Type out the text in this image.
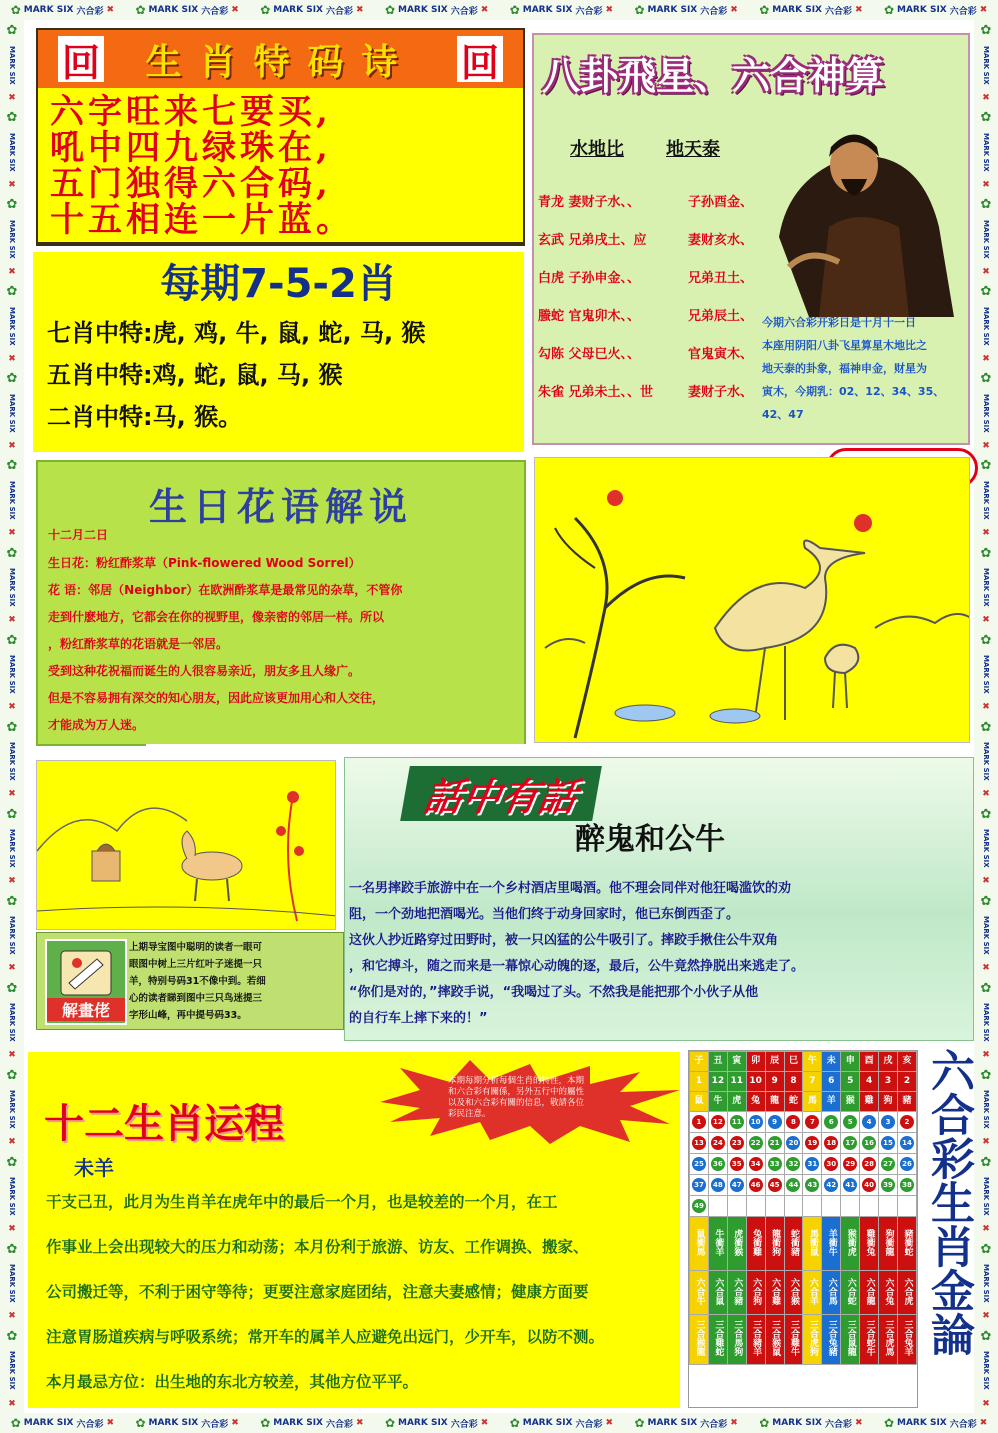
✿ MARK SIX 六合彩 ✖ ✿ MARK SIX 六合彩 ✖ ✿ MARK SIX 六合彩 ✖ ✿ MARK SIX 六合彩 ✖ ✿ MARK SIX 六合彩 ✖ ✿ MARK SIX 六合彩 ✖ ✿ MARK SIX 六合彩 ✖ ✿ MARK SIX 六合彩 ✖
✿ MARK SIX 六合彩 ✖ ✿ MARK SIX 六合彩 ✖ ✿ MARK SIX 六合彩 ✖ ✿ MARK SIX 六合彩 ✖ ✿ MARK SIX 六合彩 ✖ ✿ MARK SIX 六合彩 ✖ ✿ MARK SIX 六合彩 ✖ ✿ MARK SIX 六合彩 ✖
✿
MARK SIX
✖
✿
MARK SIX
✖
✿
MARK SIX
✖
✿
MARK SIX
✖
✿
MARK SIX
✖
✿
MARK SIX
✖
✿
MARK SIX
✖
✿
MARK SIX
✖
✿
MARK SIX
✖
✿
MARK SIX
✖
✿
MARK SIX
✖
✿
MARK SIX
✖
✿
MARK SIX
✖
✿
MARK SIX
✖
✿
MARK SIX
✖
✿
MARK SIX
✖
✿
MARK SIX
✖
✿
MARK SIX
✖
✿
MARK SIX
✖
✿
MARK SIX
✖
✿
MARK SIX
✖
✿
MARK SIX
✖
✿
MARK SIX
✖
✿
MARK SIX
✖
✿
MARK SIX
✖
✿
MARK SIX
✖
✿
MARK SIX
✖
✿
MARK SIX
✖
✿
MARK SIX
✖
✿
MARK SIX
✖
✿
MARK SIX
✖
✿
MARK SIX
✖
回 生肖特码诗 回
六字旺来七要买,
吼中四九绿珠在,
五门独得六合码,
十五相连一片蓝。
每期7-5-2肖
七肖中特:虎, 鸡, 牛, 鼠, 蛇, 马, 猴
五肖中特:鸡, 蛇, 鼠, 马, 猴
二肖中特:马, 猴。
八卦飛星、六合神算
水地比 地天泰
青龙 妻财子水、、	子孙酉金、
玄武 兄弟戌土、应	妻财亥水、
白虎 子孙申金、、	兄弟丑土、
螣蛇 官鬼卯木、、	兄弟辰土、
勾陈 父母巳火、、	官鬼寅木、
朱雀 兄弟未土、、世	妻财子水、
今期六合彩开彩日是十月十一日
本座用阴阳八卦飞星算星木地比之
地天泰的卦象，福神申金，财星为
寅木，今期乳：02、12、34、35、
42、47
生日花语解说
十二月二日
生日花：粉红酢浆草（Pink-flowered Wood Sorrel）
花 语：邻居（Neighbor）在欧洲酢浆草是最常见的杂草，不管你
走到什麽地方，它都会在你的视野里，像亲密的邻居一样。所以
，粉红酢浆草的花语就是一邻居。
受到这种花祝福而诞生的人很容易亲近，朋友多且人缘广。
但是不容易拥有深交的知心朋友，因此应该更加用心和人交往，
才能成为万人迷。
解畫佬
上期导宝图中聪明的读者一眼可
眼图中树上三片红叶子迷提一只
羊，特别号码31不像中到。若细
心的读者睇到图中三只鸟迷提三
字形山峰，再中提号码33。
話中有話
醉鬼和公牛
一名男摔跤手旅游中在一个乡村酒店里喝酒。他不理会同伴对他狂喝滥饮的劝
阻，一个劲地把酒喝光。当他们终于动身回家时，他已东倒西歪了。
这伙人抄近路穿过田野时，被一只凶猛的公牛吸引了。摔跤手揪住公牛双角
，和它搏斗，随之而来是一幕惊心动魄的逐，最后，公牛竟然挣脱出来逃走了。
“你们是对的，”摔跤手说，“我喝过了头。不然我是能把那个小伙子从他
的自行车上摔下来的！”
本期每期分析每個生肖的特性，本期
和六合彩有關係，另外五行中的屬性
以及和六合彩有關的信息，敬請各位
彩民注意。
十二生肖运程
未羊
干支己丑，此月为生肖羊在虎年中的最后一个月，也是较差的一个月，在工
作事业上会出现较大的压力和动荡；本月份利于旅游、访友、工作调换、搬家、
公司搬迁等，不利于困守等待；更要注意家庭团结，注意夫妻感情；健康方面要
注意胃肠道疾病与呼吸系统；常开车的属羊人应避免出远门，少开车，以防不测。
本月最忌方位：出生地的东北方较差，其他方位平平。
子	丑	寅	卯	辰	巳	午	未	申	酉	戌	亥
1	12	11	10	9	8	7	6	5	4	3	2
鼠	牛	虎	兔	龍	蛇	馬	羊	猴	雞	狗	豬
1	12	11	10	9	8	7	6	5	4	3	2
13	24	23	22	21	20	19	18	17	16	15	14
25	36	35	34	33	32	31	30	29	28	27	26
37	48	47	46	45	44	43	42	41	40	39	38
49											
鼠衝馬	牛衝羊	虎衝猴	兔衝雞	龍衝狗	蛇衝豬	馬衝鼠	羊衝牛	猴衝虎	雞衝兔	狗衝龍	豬衝蛇
六合牛	六合鼠	六合豬	六合狗	六合雞	六合猴	六合羊	六合馬	六合蛇	六合龍	六合兔	六合虎
三合猴龍	三合雞蛇	三合馬狗	三合豬羊	三合猴鼠	三合雞牛	三合虎狗	三合兔豬	三合鼠龍	三合蛇牛	三合虎馬	三合兔羊 六合彩生肖金論
